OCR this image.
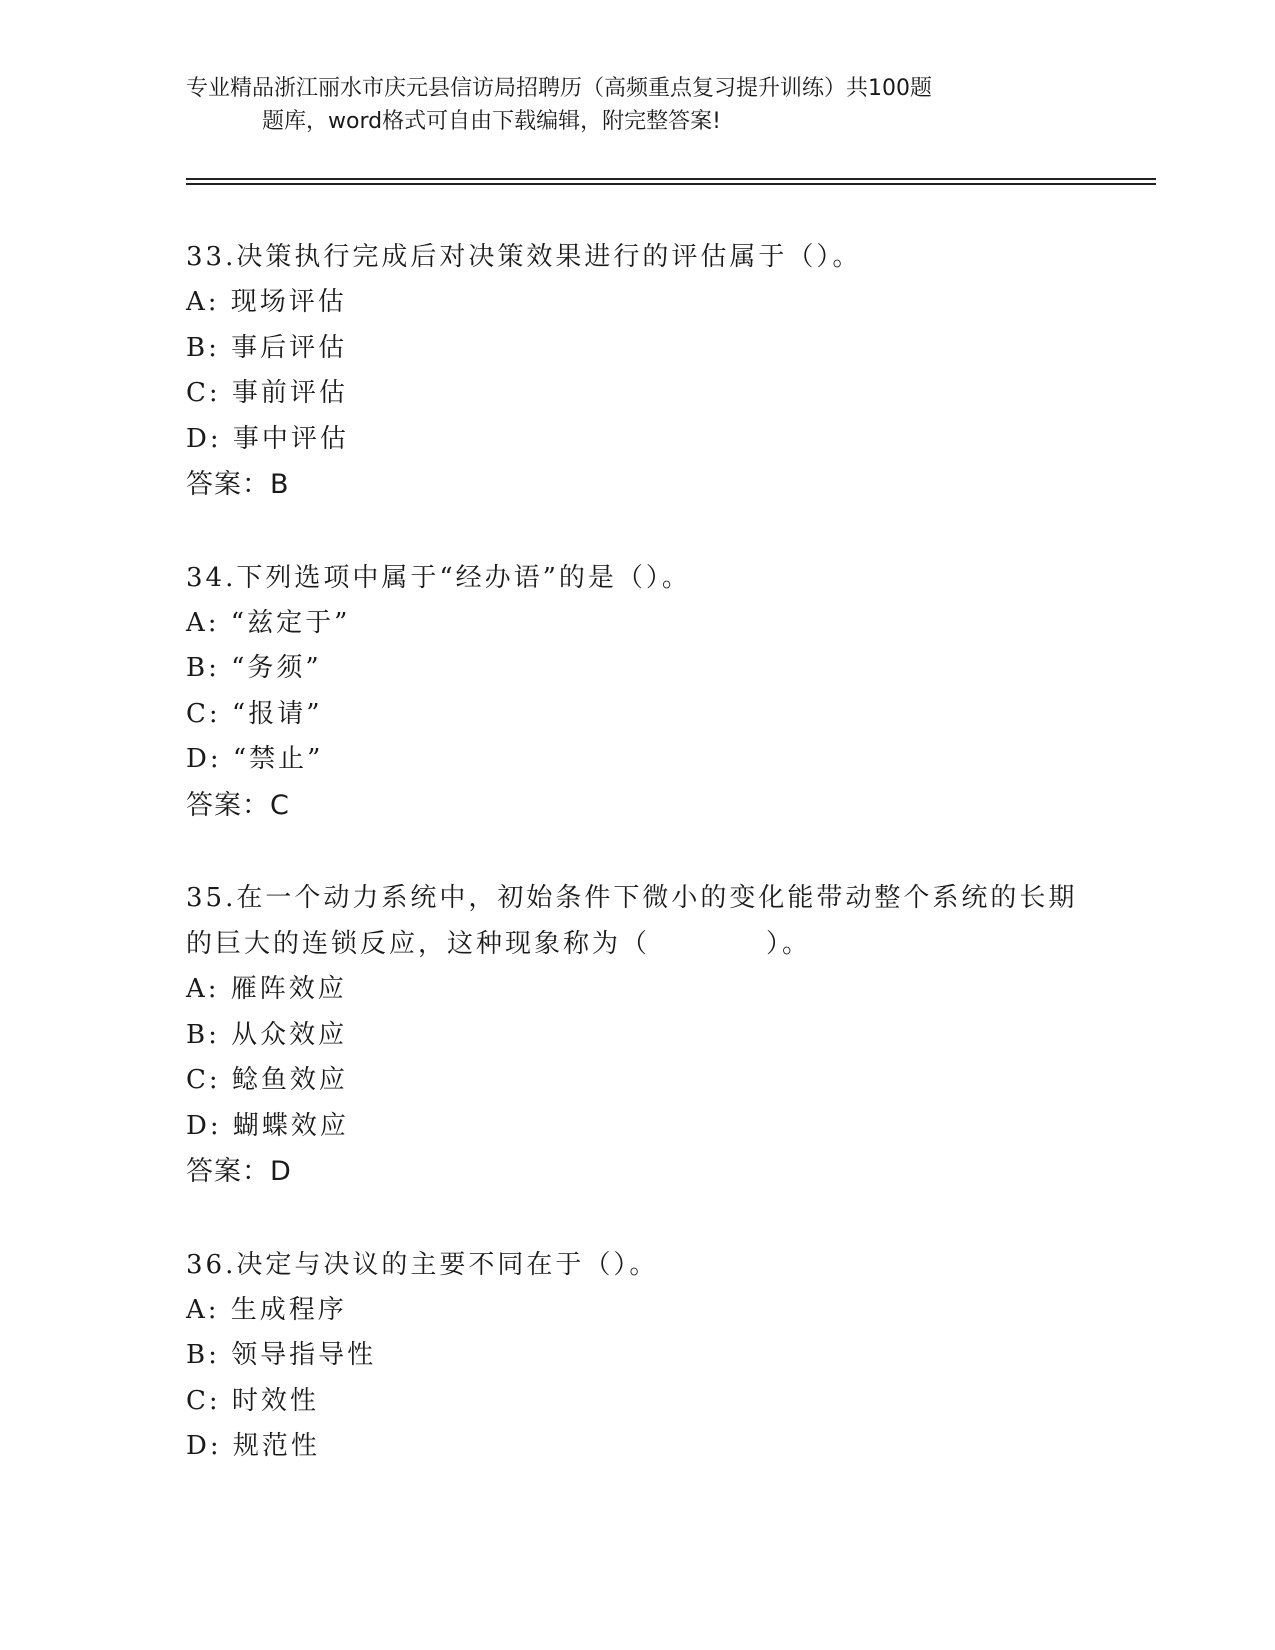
专业精品浙江丽水市庆元县信访局招聘历（高频重点复习提升训练）共100题
题库，word格式可自由下载编辑，附完整答案!
33.决策执行完成后对决策效果进行的评估属于（）。
A: 现场评估
B: 事后评估
C: 事前评估
D: 事中评估
答案：B
34.下列选项中属于“经办语”的是（）。
A: “兹定于”
B: “务须”
C: “报请”
D: “禁止”
答案：C
35.在一个动力系统中，初始条件下微小的变化能带动整个系统的长期的巨大的连锁反应，这种现象称为（　　　　）。
A: 雁阵效应
B: 从众效应
C: 鲶鱼效应
D: 蝴蝶效应
答案：D
36.决定与决议的主要不同在于（）。
A: 生成程序
B: 领导指导性
C: 时效性
D: 规范性
